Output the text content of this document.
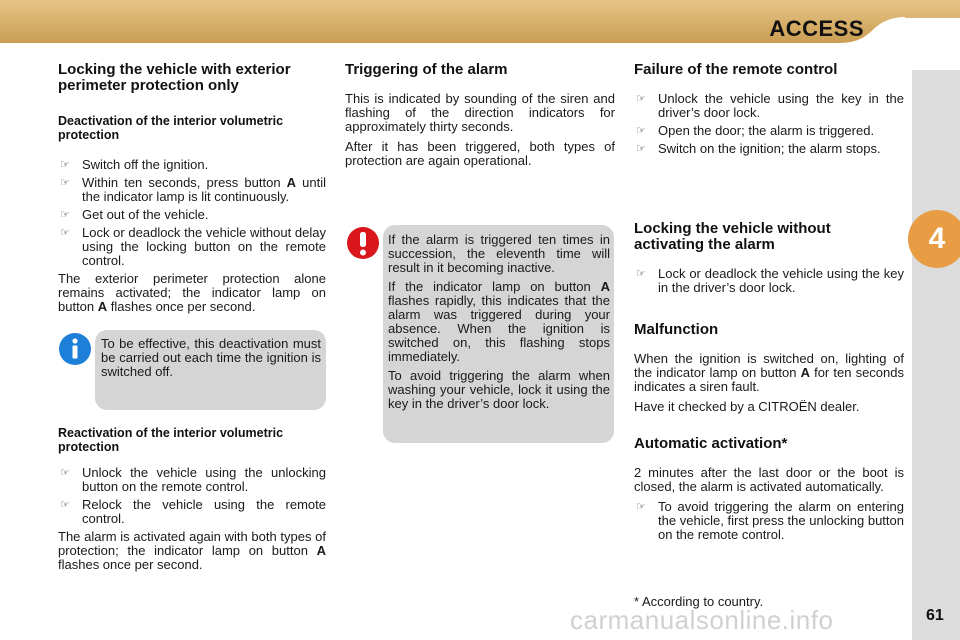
ACCESS
4
61
Locking the vehicle with exterior perimeter protection only
Deactivation of the interior volumetric protection
☞ Switch off the ignition.
☞ Within ten seconds, press button A until the indicator lamp is lit continuously.
☞ Get out of the vehicle.
☞ Lock or deadlock the vehicle without delay using the locking button on the remote control.

The exterior perimeter protection alone remains activated; the indicator lamp on button A flashes once per second.

To be effective, this deactivation must be carried out each time the ignition is switched off.

Reactivation of the interior volumetric protection
☞ Unlock the vehicle using the unlocking button on the remote control.
☞ Relock the vehicle using the remote control.

The alarm is activated again with both types of protection; the indicator lamp on button A flashes once per second.

Triggering of the alarm

This is indicated by sounding of the siren and flashing of the direction indicators for approximately thirty seconds.

After it has been triggered, both types of protection are again operational.

If the alarm is triggered ten times in succession, the eleventh time will result in it becoming inactive.

If the indicator lamp on button A flashes rapidly, this indicates that the alarm was triggered during your absence. When the ignition is switched on, this flashing stops immediately.

To avoid triggering the alarm when washing your vehicle, lock it using the key in the driver’s door lock.

Failure of the remote control
☞ Unlock the vehicle using the key in the driver’s door lock.
☞ Open the door; the alarm is triggered.
☞ Switch on the ignition; the alarm stops.
Locking the vehicle without activating the alarm
☞ Lock or deadlock the vehicle using the key in the driver’s door lock.
Malfunction

When the ignition is switched on, lighting of the indicator lamp on button A for ten seconds indicates a siren fault.

Have it checked by a CITROËN dealer.

Automatic activation*

2 minutes after the last door or the boot is closed, the alarm is activated automatically.

☞ To avoid triggering the alarm on entering the vehicle, first press the unlocking button on the remote control.
* According to country.
carmanualsonline.info
